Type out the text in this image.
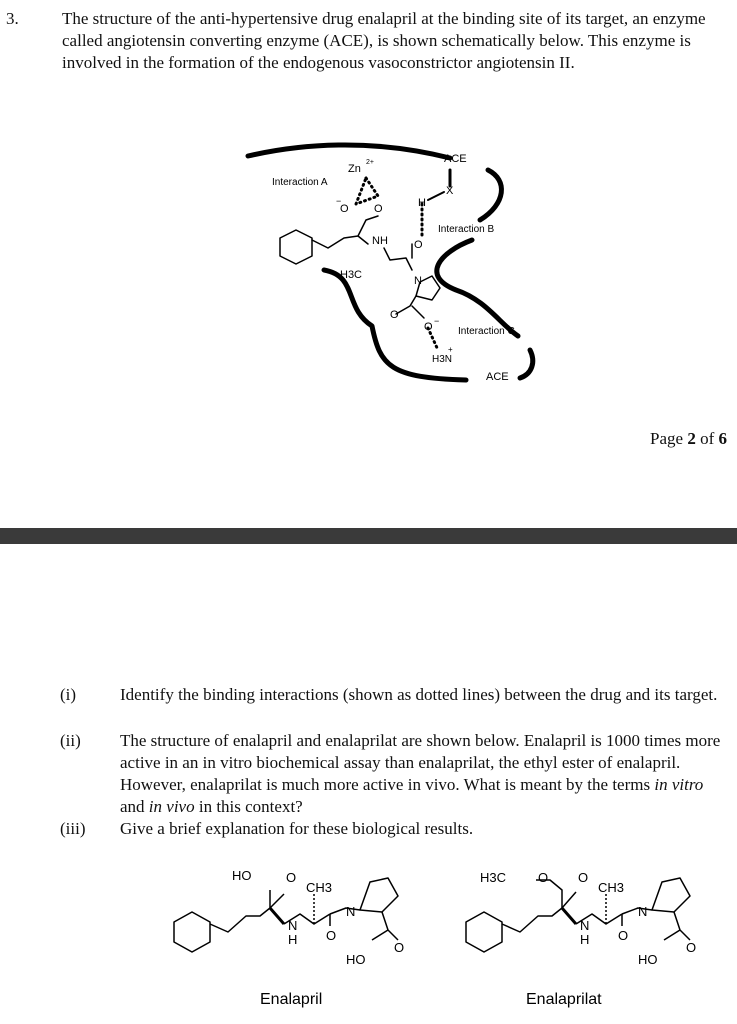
3.	The structure of the anti-hypertensive drug enalapril at the binding site of its target, an enzyme called angiotensin converting enzyme (ACE), is shown schematically below. This enzyme is involved in the formation of the endogenous vasoconstrictor angiotensin II.
ACE
Zn
2+
Interaction A
X
H
Interaction B
O
−
O
NH
H3C
O
N
O
O −
Interaction C
H3N
+
ACE
Page 2 of 6
(i)	Identify the binding interactions (shown as dotted lines) between the drug and its target.
(ii) The structure of enalapril and enalaprilat are shown below. Enalapril is 1000 times more active in an in vitro biochemical assay than enalaprilat, the ethyl ester of enalapril. However, enalaprilat is much more active in vivo. What is meant by the terms in vitro and in vivo in this context?
(iii) Give a brief explanation for these biological results.
HO	O
CH3
N
H
N
O
HO
O
H3C O O
CH3
N
H
N
O
HO
O
Enalapril	Enalaprilat
